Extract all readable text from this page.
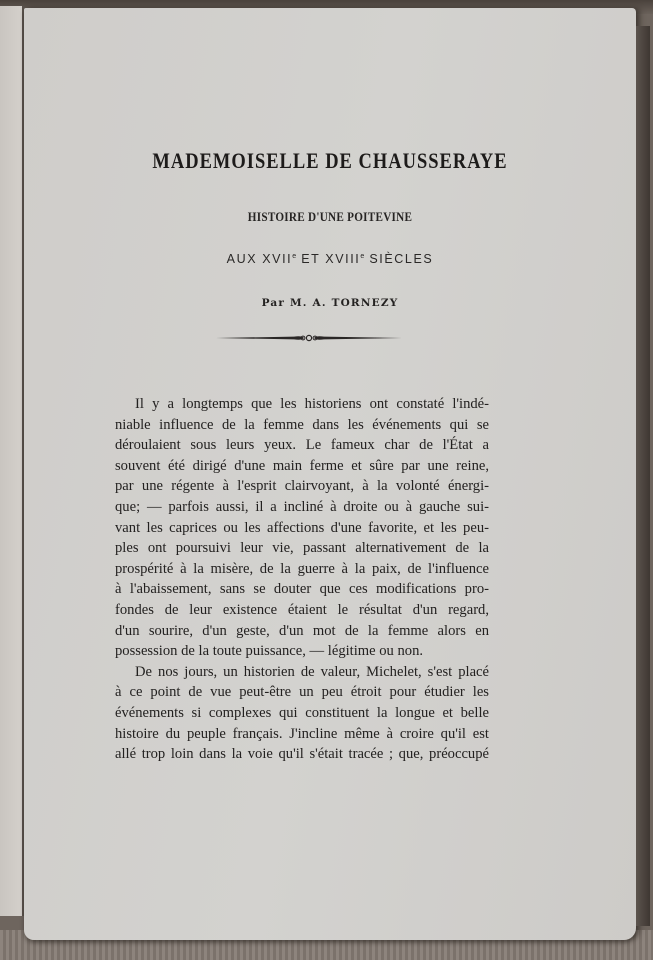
MADEMOISELLE DE CHAUSSERAYE
HISTOIRE D'UNE POITEVINE
AUX XVIIe ET XVIIIe SIÈCLES
Par M. A. TORNEZY
Il y a longtemps que les historiens ont constaté l'indé-
niable influence de la femme dans les événements qui se
déroulaient sous leurs yeux. Le fameux char de l'État a
souvent été dirigé d'une main ferme et sûre par une reine,
par une régente à l'esprit clairvoyant, à la volonté énergi-
que; — parfois aussi, il a incliné à droite ou à gauche sui-
vant les caprices ou les affections d'une favorite, et les peu-
ples ont poursuivi leur vie, passant alternativement de la
prospérité à la misère, de la guerre à la paix, de l'influence
à l'abaissement, sans se douter que ces modifications pro-
fondes de leur existence étaient le résultat d'un regard,
d'un sourire, d'un geste, d'un mot de la femme alors en
possession de la toute puissance, — légitime ou non.
De nos jours, un historien de valeur, Michelet, s'est placé
à ce point de vue peut-être un peu étroit pour étudier les
événements si complexes qui constituent la longue et belle
histoire du peuple français. J'incline même à croire qu'il est
allé trop loin dans la voie qu'il s'était tracée ; que, préoccupé
